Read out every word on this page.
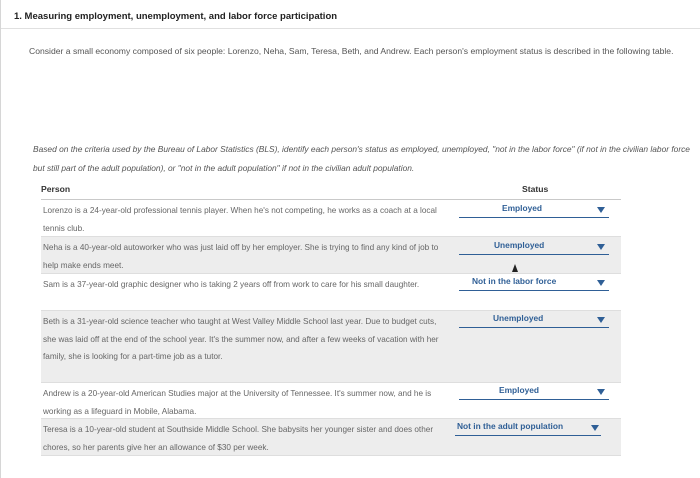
1. Measuring employment, unemployment, and labor force participation
Consider a small economy composed of six people: Lorenzo, Neha, Sam, Teresa, Beth, and Andrew. Each person's employment status is described in the following table.
Based on the criteria used by the Bureau of Labor Statistics (BLS), identify each person's status as employed, unemployed, "not in the labor force" (if not in the civilian labor force but still part of the adult population), or "not in the adult population" if not in the civilian adult population.
Person	Status
Lorenzo is a 24-year-old professional tennis player. When he's not competing, he works as a coach at a local tennis club.
Employed
Neha is a 40-year-old autoworker who was just laid off by her employer. She is trying to find any kind of job to help make ends meet.
Unemployed
Sam is a 37-year-old graphic designer who is taking 2 years off from work to care for his small daughter.	Not in the labor force
Beth is a 31-year-old science teacher who taught at West Valley Middle School last year. Due to budget cuts, she was laid off at the end of the school year. It's the summer now, and after a few weeks of vacation with her family, she is looking for a part-time job as a tutor.
Unemployed
Andrew is a 20-year-old American Studies major at the University of Tennessee. It's summer now, and he is working as a lifeguard in Mobile, Alabama.
Employed
Teresa is a 10-year-old student at Southside Middle School. She babysits her younger sister and does other chores, so her parents give her an allowance of $30 per week.
Not in the adult population
